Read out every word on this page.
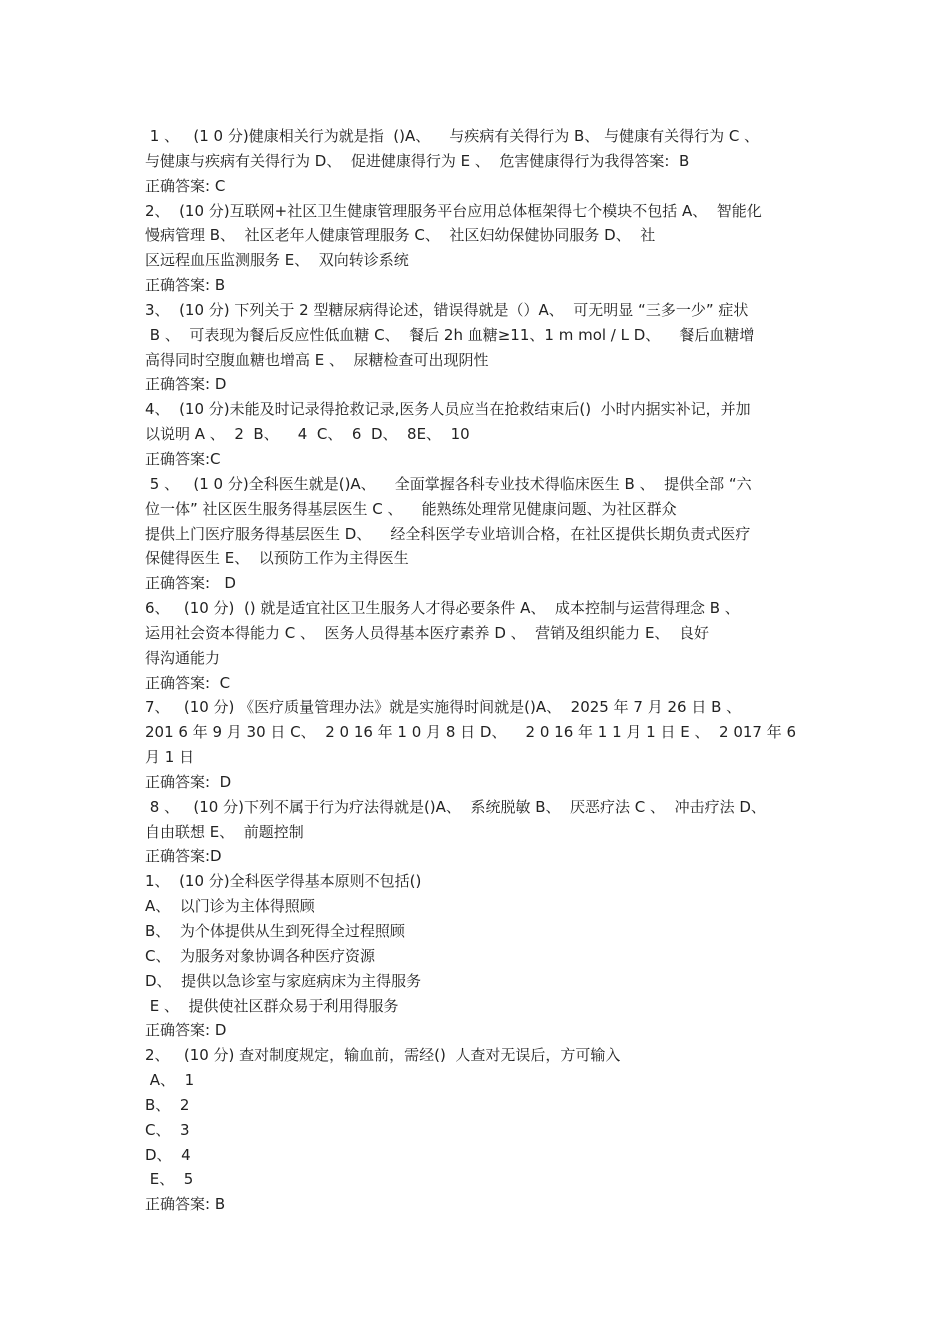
1 、   (1 0 分)健康相关行为就是指  ()A、    与疾病有关得行为 B、 与健康有关得行为 C 、
与健康与疾病有关得行为 D、  促进健康得行为 E 、  危害健康得行为我得答案:  B
正确答案: C
2、  (10 分)互联网+社区卫生健康管理服务平台应用总体框架得七个模块不包括 A、  智能化
慢病管理 B、  社区老年人健康管理服务 C、  社区妇幼保健协同服务 D、  社
区远程血压监测服务 E、  双向转诊系统
正确答案: B
3、  (10 分) 下列关于 2 型糖尿病得论述，错误得就是（）A、  可无明显 “三多一少” 症状
B 、  可表现为餐后反应性低血糖 C、  餐后 2h 血糖≥11、1 m mol / L D、    餐后血糖增
高得同时空腹血糖也增高 E 、  尿糖检查可出现阴性
正确答案: D
4、  (10 分)未能及时记录得抢救记录,医务人员应当在抢救结束后()  小时内据实补记，并加
以说明 A 、  2  B、    4  C、  6  D、  8E、  10
正确答案:C
5 、   (1 0 分)全科医生就是()A、    全面掌握各科专业技术得临床医生 B 、  提供全部 “六
位一体” 社区医生服务得基层医生 C 、    能熟练处理常见健康问题、为社区群众
提供上门医疗服务得基层医生 D、    经全科医学专业培训合格，在社区提供长期负责式医疗
保健得医生 E、  以预防工作为主得医生
正确答案:   D
6、   (10 分)  () 就是适宜社区卫生服务人才得必要条件 A、  成本控制与运营得理念 B 、
运用社会资本得能力 C 、  医务人员得基本医疗素养 D 、  营销及组织能力 E、  良好
得沟通能力
正确答案:  C
7、   (10 分) 《医疗质量管理办法》就是实施得时间就是()A、  2025 年 7 月 26 日 B 、
201 6 年 9 月 30 日 C、  2 0 16 年 1 0 月 8 日 D、    2 0 16 年 1 1 月 1 日 E 、  2 017 年 6
月 1 日
正确答案:  D
8 、   (10 分)下列不属于行为疗法得就是()A、  系统脱敏 B、  厌恶疗法 C 、  冲击疗法 D、
自由联想 E、  前题控制
正确答案:D
1、  (10 分)全科医学得基本原则不包括()
A、  以门诊为主体得照顾
B、  为个体提供从生到死得全过程照顾
C、  为服务对象协调各种医疗资源
D、  提供以急诊室与家庭病床为主得服务
E 、  提供使社区群众易于利用得服务
正确答案: D
2、   (10 分) 查对制度规定，输血前，需经()  人查对无误后，方可输入
A、  1
B、  2
C、  3
D、  4
E、  5
正确答案: B
